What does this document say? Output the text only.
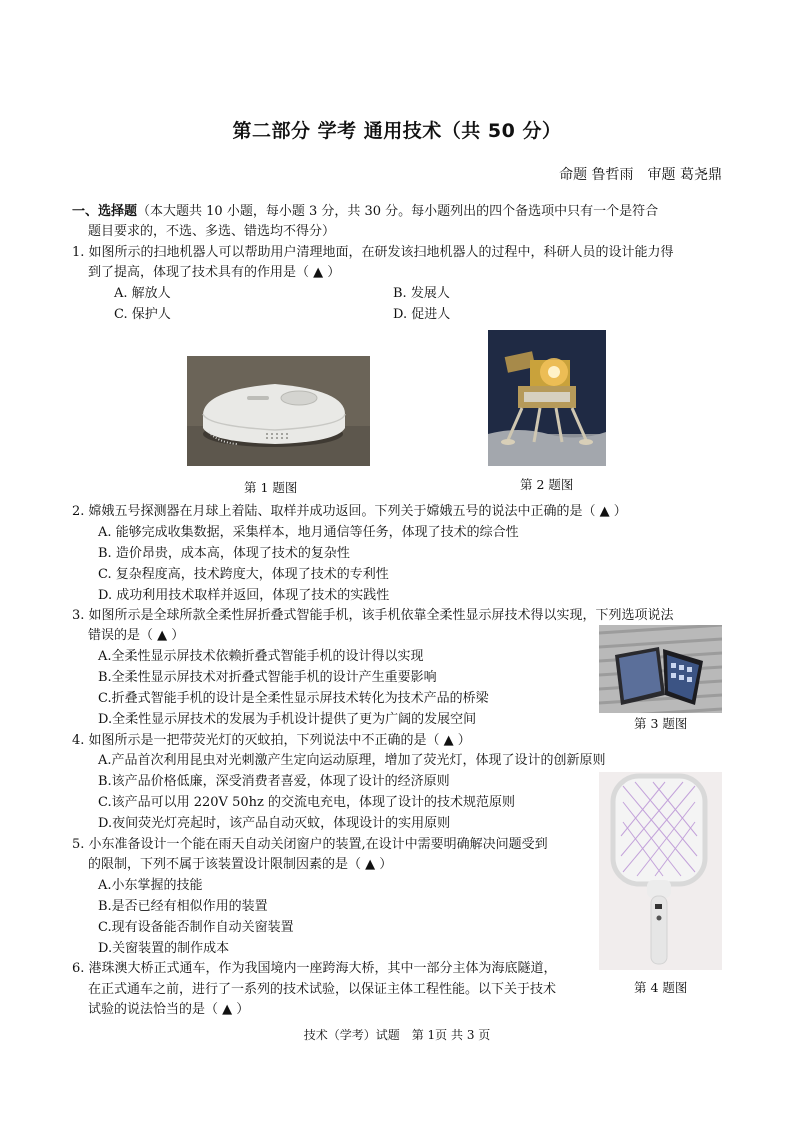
第二部分 学考 通用技术（共 50 分）
命题 鲁哲雨 审题 葛尧鼎
一、选择题（本大题共 10 小题，每小题 3 分，共 30 分。每小题列出的四个备选项中只有一个是符合
题目要求的，不选、多选、错选均不得分）
1. 如图所示的扫地机器人可以帮助用户清理地面，在研发该扫地机器人的过程中，科研人员的设计能力得
到了提高，体现了技术具有的作用是（ ▲ ）
A. 解放人	B. 发展人
C. 保护人	D. 促进人
第 1 题图	第 2 题图
2. 嫦娥五号探测器在月球上着陆、取样并成功返回。下列关于嫦娥五号的说法中正确的是（ ▲ ）
A. 能够完成收集数据，采集样本，地月通信等任务，体现了技术的综合性
B. 造价昂贵，成本高，体现了技术的复杂性
C. 复杂程度高，技术跨度大，体现了技术的专利性
D. 成功利用技术取样并返回，体现了技术的实践性
3. 如图所示是全球所款全柔性屏折叠式智能手机，该手机依靠全柔性显示屏技术得以实现，下列选项说法
错误的是（ ▲ ）
A.全柔性显示屏技术依赖折叠式智能手机的设计得以实现
B.全柔性显示屏技术对折叠式智能手机的设计产生重要影响
C.折叠式智能手机的设计是全柔性显示屏技术转化为技术产品的桥梁
D.全柔性显示屏技术的发展为手机设计提供了更为广阔的发展空间	第 3 题图
4. 如图所示是一把带荧光灯的灭蚊拍，下列说法中不正确的是（ ▲ ）
A.产品首次利用昆虫对光刺激产生定向运动原理，增加了荧光灯，体现了设计的创新原则
B.该产品价格低廉，深受消费者喜爱，体现了设计的经济原则
C.该产品可以用 220V 50hz 的交流电充电，体现了设计的技术规范原则
D.夜间荧光灯亮起时，该产品自动灭蚊，体现设计的实用原则
第 4 题图
5. 小东准备设计一个能在雨天自动关闭窗户的装置,在设计中需要明确解决问题受到
的限制，下列不属于该装置设计限制因素的是（ ▲ ）
A.小东掌握的技能
B.是否已经有相似作用的装置
C.现有设备能否制作自动关窗装置
D.关窗装置的制作成本
6. 港珠澳大桥正式通车，作为我国境内一座跨海大桥，其中一部分主体为海底隧道，
在正式通车之前，进行了一系列的技术试验，以保证主体工程性能。以下关于技术
试验的说法恰当的是（ ▲ ）
技术（学考）试题　第 1页 共 3 页
